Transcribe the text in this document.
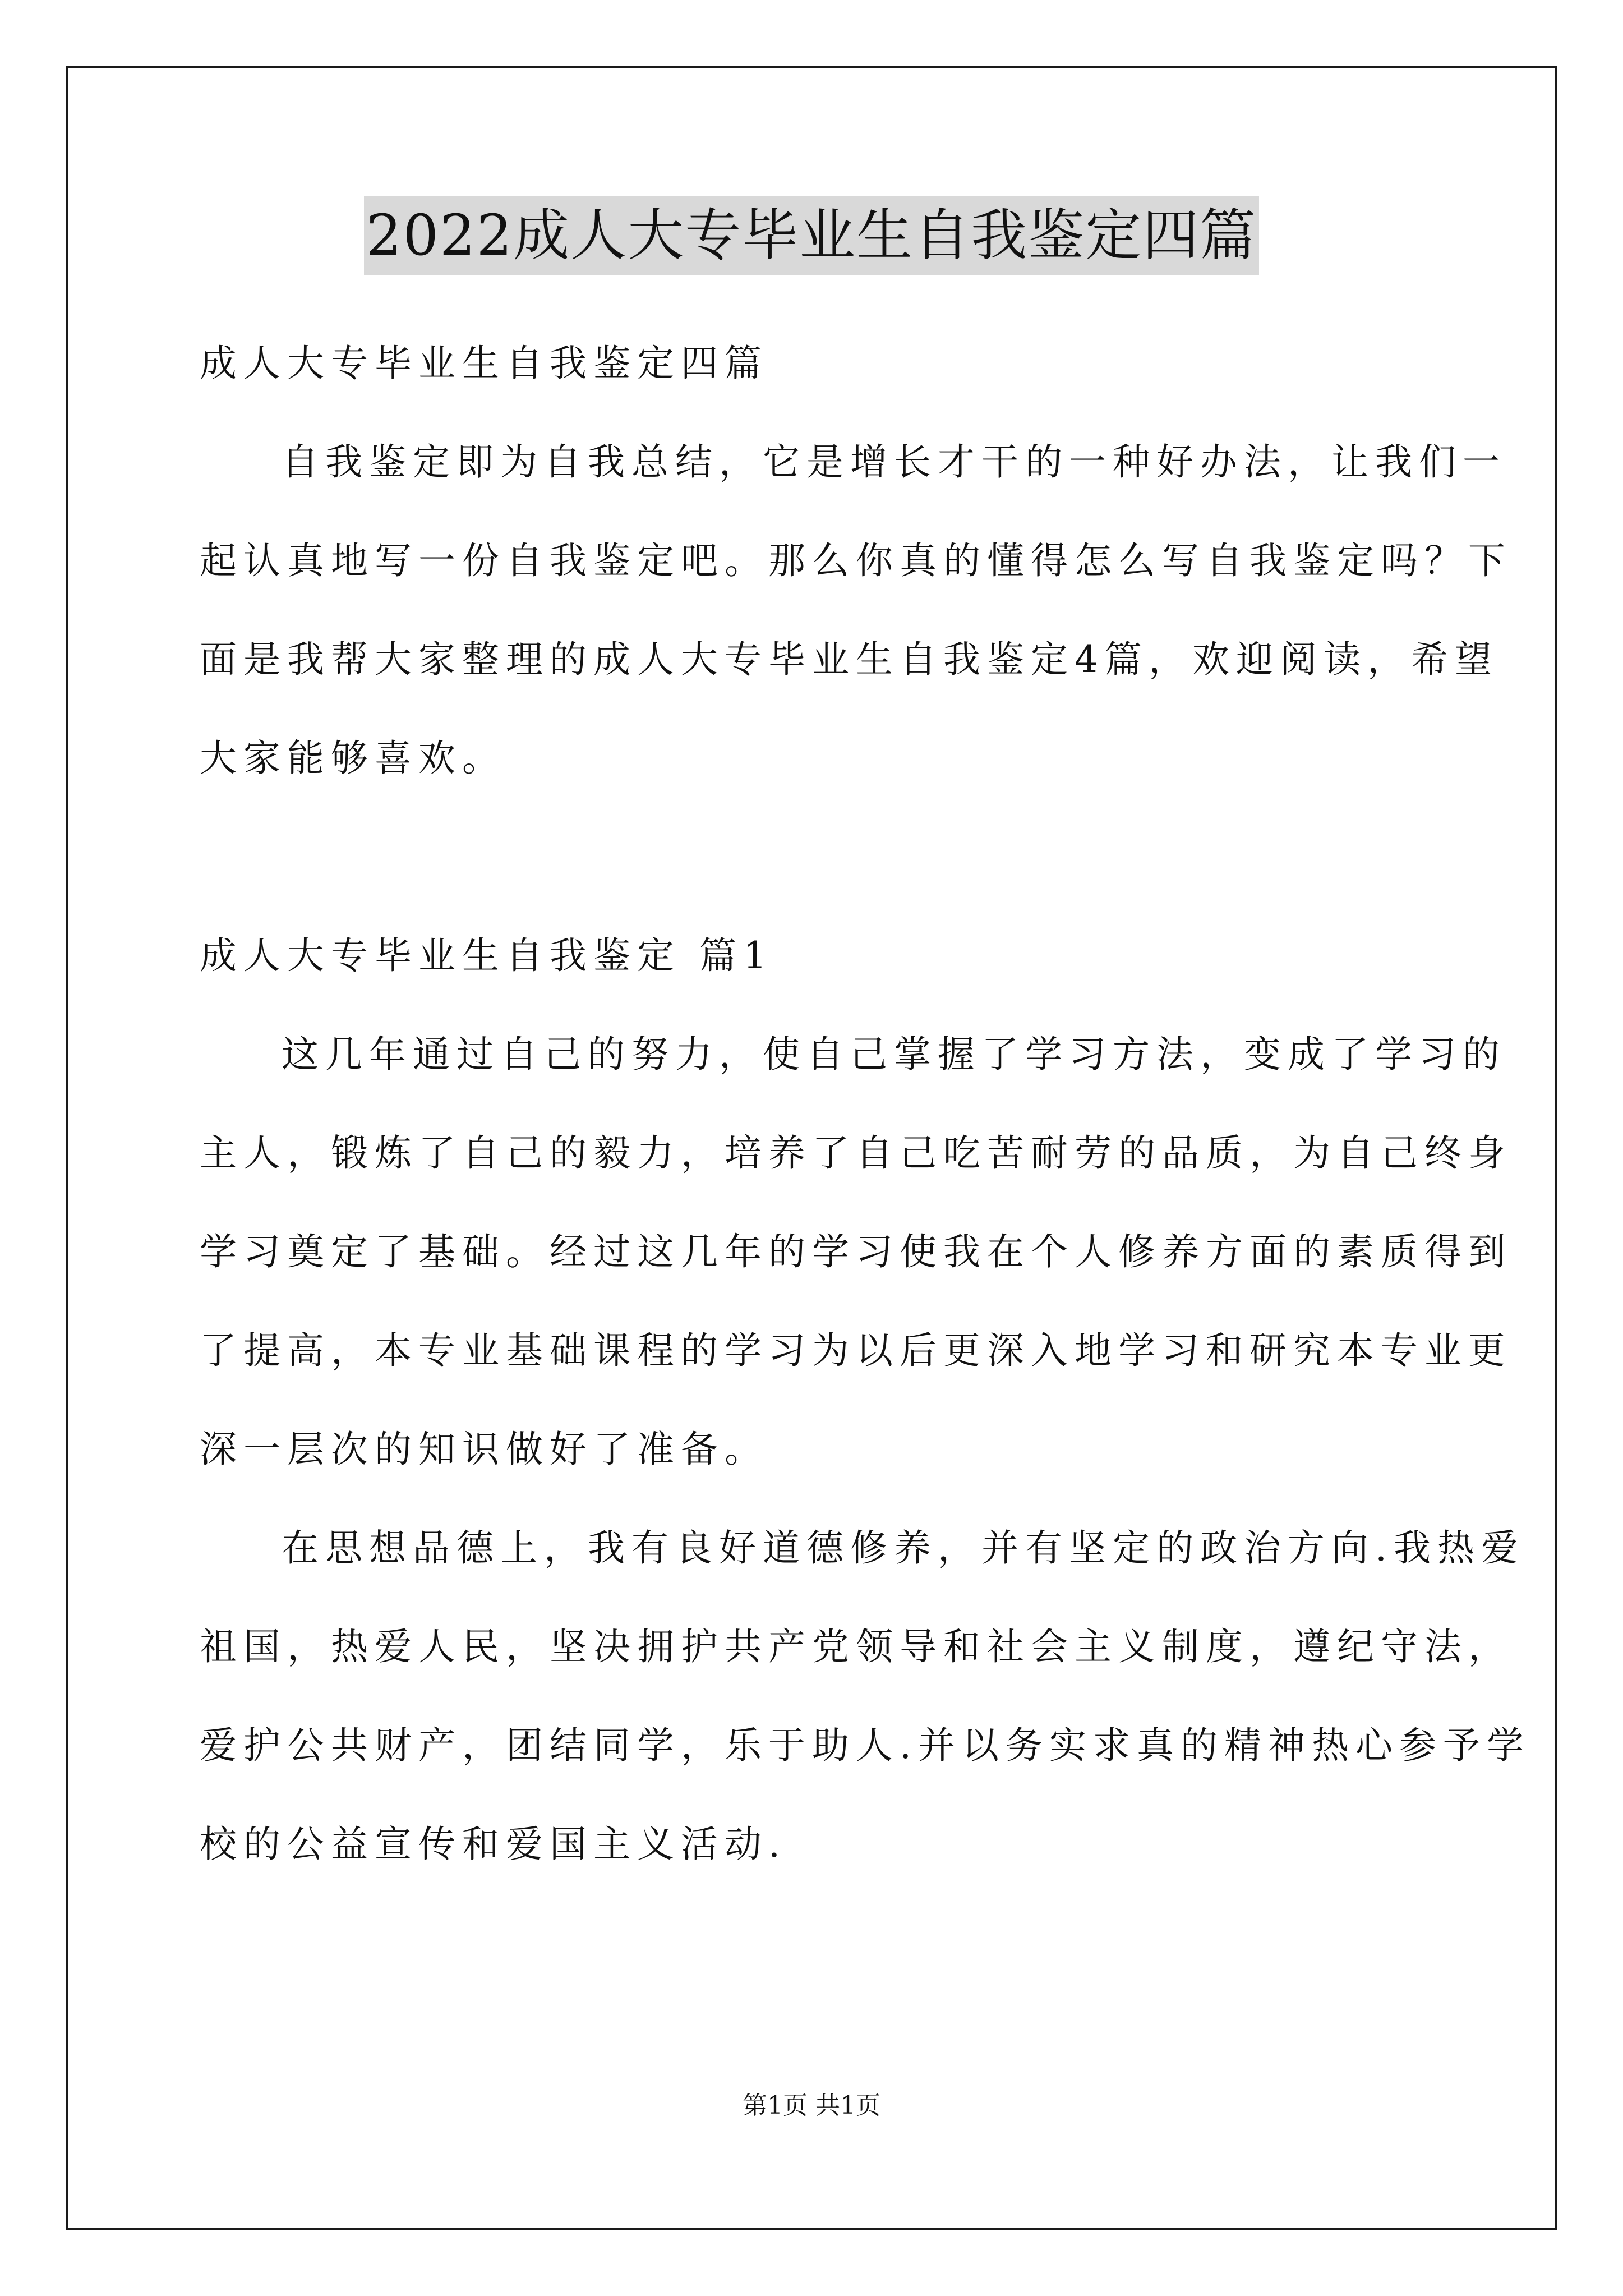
2022成人大专毕业生自我鉴定四篇
成人大专毕业生自我鉴定四篇
自我鉴定即为自我总结，它是增长才干的一种好办法，让我们一
起认真地写一份自我鉴定吧。那么你真的懂得怎么写自我鉴定吗？下
面是我帮大家整理的成人大专毕业生自我鉴定4篇，欢迎阅读，希望
大家能够喜欢。
成人大专毕业生自我鉴定 篇1
这几年通过自己的努力，使自己掌握了学习方法，变成了学习的
主人，锻炼了自己的毅力，培养了自己吃苦耐劳的品质，为自己终身
学习奠定了基础。经过这几年的学习使我在个人修养方面的素质得到
了提高，本专业基础课程的学习为以后更深入地学习和研究本专业更
深一层次的知识做好了准备。
在思想品德上，我有良好道德修养，并有坚定的政治方向.我热爱
祖国，热爱人民，坚决拥护共产党领导和社会主义制度，遵纪守法，
爱护公共财产，团结同学，乐于助人.并以务实求真的精神热心参予学
校的公益宣传和爱国主义活动.
第1页 共1页
